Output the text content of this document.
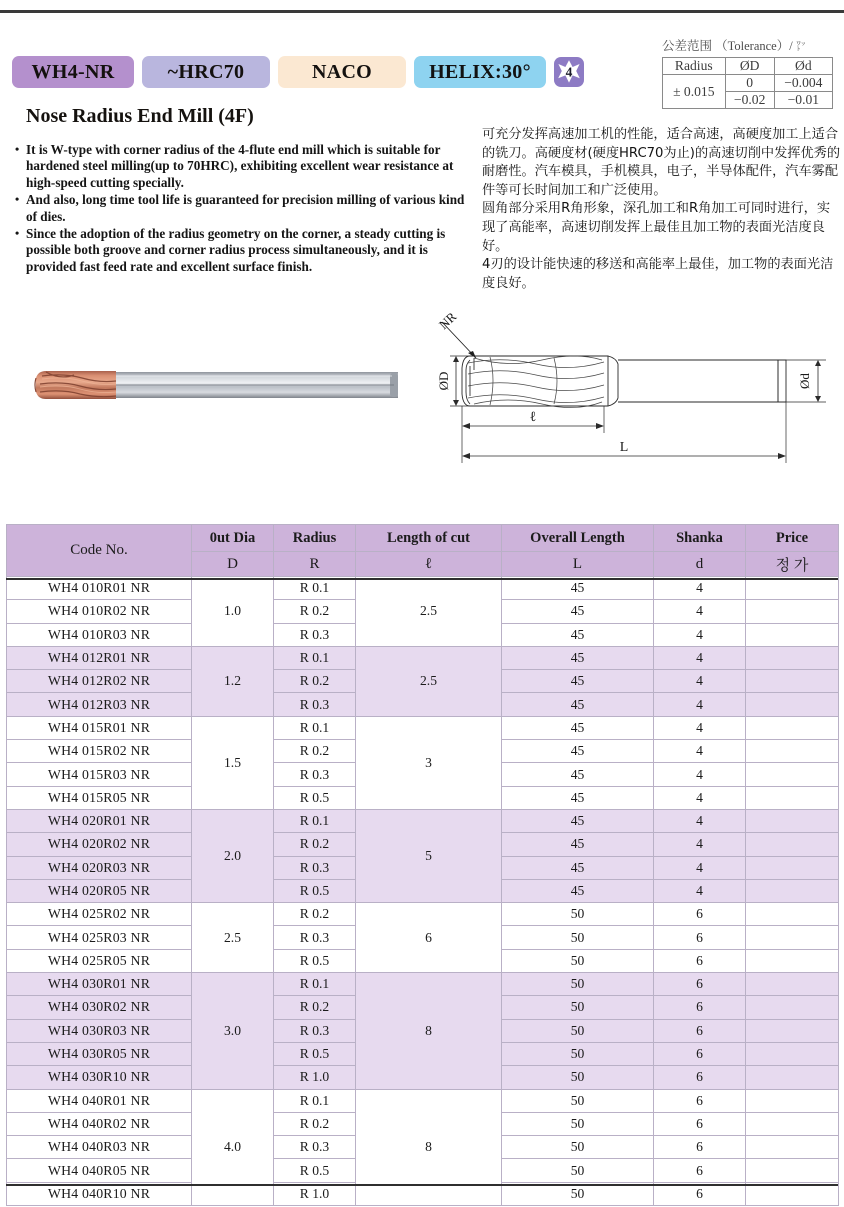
WH4-NR	~HRC70	NACO	HELIX:30°	4
Nose Radius End Mill (4F)
公差范围 （Tolerance）/ ㍗
Radius	ØD	Ød
± 0.015	0	−0.004
	−0.02	−0.01
• It is W-type with corner radius of the 4-flute end mill which is suitable for hardened steel milling(up to 70HRC), exhibiting excellent wear resistance at high-speed cutting specially.
• And also, long time tool life is guaranteed for precision milling of various kind of dies.
• Since the adoption of the radius geometry on the corner, a steady cutting is possible both groove and corner radius process simultaneously, and it is provided fast feed rate and excellent surface finish.

可充分发挥高速加工机的性能，适合高速，高硬度加工上适合的铣刀。高硬度材(硬度HRC70为止)的高速切削中发挥优秀的耐磨性。汽车模具，手机模具，电子，半导体配件，汽车雾配件等可长时间加工和广泛使用。

圆角部分采用R角形象，深孔加工和R角加工可同时进行，实现了高能率，高速切削发挥上最佳且加工物的表面光洁度良好。

4刃的设计能快速的移送和高能率上最佳，加工物的表面光洁度良好。

NR
ØD	Ød
ℓ
L
Code No.	0ut Dia	Radius	Length of cut	Overall Length	Shanka	Price
	D	R	ℓ	L	d	정 가
WH4 010R01 NR	1.0	R 0.1	2.5	45	4	
WH4 010R02 NR		R 0.2		45	4	
WH4 010R03 NR		R 0.3		45	4	
WH4 012R01 NR	1.2	R 0.1	2.5	45	4	
WH4 012R02 NR		R 0.2		45	4	
WH4 012R03 NR		R 0.3		45	4	
WH4 015R01 NR	1.5	R 0.1	3	45	4	
WH4 015R02 NR		R 0.2		45	4	
WH4 015R03 NR		R 0.3		45	4	
WH4 015R05 NR		R 0.5		45	4	
WH4 020R01 NR	2.0	R 0.1	5	45	4	
WH4 020R02 NR		R 0.2		45	4	
WH4 020R03 NR		R 0.3		45	4	
WH4 020R05 NR		R 0.5		45	4	
WH4 025R02 NR	2.5	R 0.2	6	50	6	
WH4 025R03 NR		R 0.3		50	6	
WH4 025R05 NR		R 0.5		50	6	
WH4 030R01 NR	3.0	R 0.1	8	50	6	
WH4 030R02 NR		R 0.2		50	6	
WH4 030R03 NR		R 0.3		50	6	
WH4 030R05 NR		R 0.5		50	6	
WH4 030R10 NR		R 1.0		50	6	
WH4 040R01 NR	4.0	R 0.1	8	50	6	
WH4 040R02 NR		R 0.2		50	6	
WH4 040R03 NR		R 0.3		50	6	
WH4 040R05 NR		R 0.5		50	6	
WH4 040R10 NR		R 1.0		50	6	
